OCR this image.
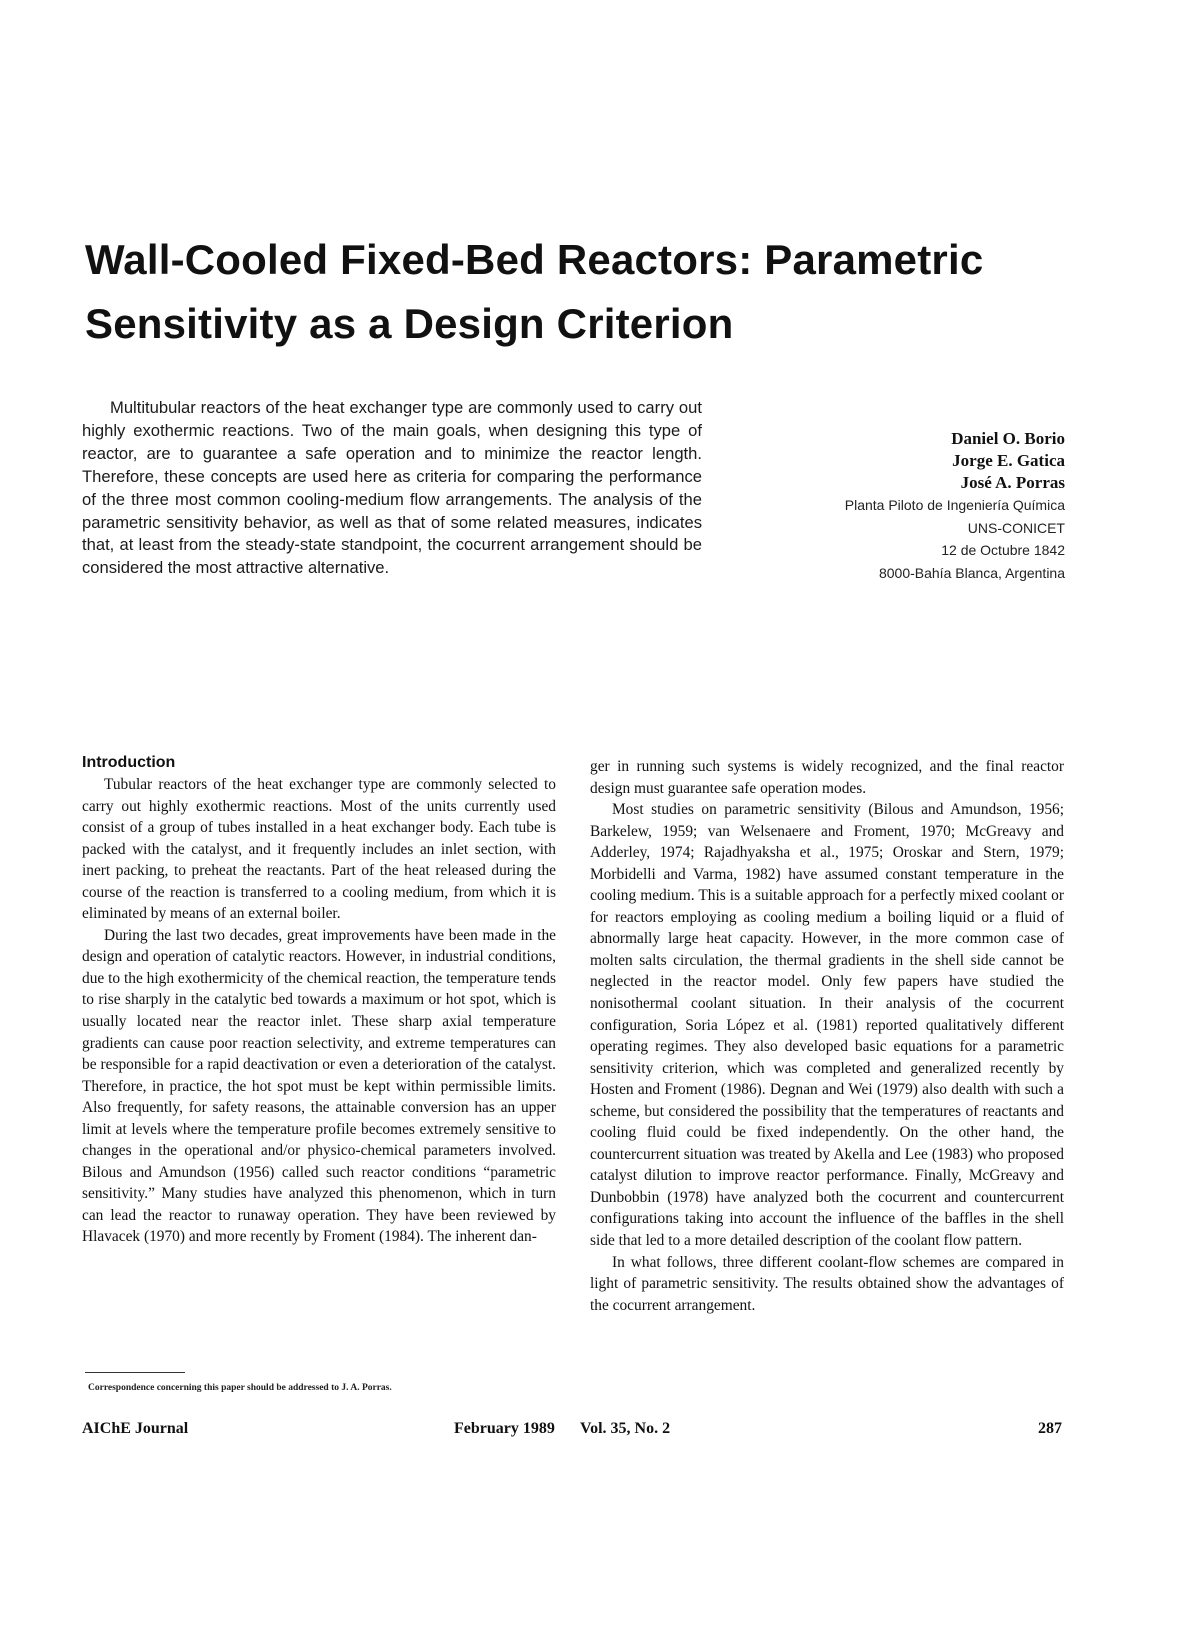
Wall-Cooled Fixed-Bed Reactors: Parametric
Sensitivity as a Design Criterion

Multitubular reactors of the heat exchanger type are commonly used to carry out highly exothermic reactions. Two of the main goals, when designing this type of reactor, are to guarantee a safe operation and to minimize the reactor length. Therefore, these concepts are used here as criteria for comparing the performance of the three most common cooling-medium flow arrangements. The analysis of the parametric sensitivity behavior, as well as that of some related measures, indicates that, at least from the steady-state standpoint, the cocurrent arrangement should be considered the most attractive alternative.

Daniel O. Borio
Jorge E. Gatica
José A. Porras
Planta Piloto de Ingeniería Química
UNS-CONICET
12 de Octubre 1842
8000-Bahía Blanca, Argentina
Introduction

Tubular reactors of the heat exchanger type are commonly selected to carry out highly exothermic reactions. Most of the units currently used consist of a group of tubes installed in a heat exchanger body. Each tube is packed with the catalyst, and it frequently includes an inlet section, with inert packing, to preheat the reactants. Part of the heat released during the course of the reaction is transferred to a cooling medium, from which it is eliminated by means of an external boiler.

During the last two decades, great improvements have been made in the design and operation of catalytic reactors. However, in industrial conditions, due to the high exothermicity of the chemical reaction, the temperature tends to rise sharply in the catalytic bed towards a maximum or hot spot, which is usually located near the reactor inlet. These sharp axial temperature gradients can cause poor reaction selectivity, and extreme temperatures can be responsible for a rapid deactivation or even a deterioration of the catalyst. Therefore, in practice, the hot spot must be kept within permissible limits. Also frequently, for safety reasons, the attainable conversion has an upper limit at levels where the temperature profile becomes extremely sensitive to changes in the operational and/or physico-chemical parameters involved. Bilous and Amundson (1956) called such reactor conditions “parametric sensitivity.” Many studies have analyzed this phenomenon, which in turn can lead the reactor to runaway operation. They have been reviewed by Hlavacek (1970) and more recently by Froment (1984). The inherent dan-

ger in running such systems is widely recognized, and the final reactor design must guarantee safe operation modes.

Most studies on parametric sensitivity (Bilous and Amundson, 1956; Barkelew, 1959; van Welsenaere and Froment, 1970; McGreavy and Adderley, 1974; Rajadhyaksha et al., 1975; Oroskar and Stern, 1979; Morbidelli and Varma, 1982) have assumed constant temperature in the cooling medium. This is a suitable approach for a perfectly mixed coolant or for reactors employing as cooling medium a boiling liquid or a fluid of abnormally large heat capacity. However, in the more common case of molten salts circulation, the thermal gradients in the shell side cannot be neglected in the reactor model. Only few papers have studied the nonisothermal coolant situation. In their analysis of the cocurrent configuration, Soria López et al. (1981) reported qualitatively different operating regimes. They also developed basic equations for a parametric sensitivity criterion, which was completed and generalized recently by Hosten and Froment (1986). Degnan and Wei (1979) also dealth with such a scheme, but considered the possibility that the temperatures of reactants and cooling fluid could be fixed independently. On the other hand, the countercurrent situation was treated by Akella and Lee (1983) who proposed catalyst dilution to improve reactor performance. Finally, McGreavy and Dunbobbin (1978) have analyzed both the cocurrent and countercurrent configurations taking into account the influence of the baffles in the shell side that led to a more detailed description of the coolant flow pattern.

In what follows, three different coolant-flow schemes are compared in light of parametric sensitivity. The results obtained show the advantages of the cocurrent arrangement.

Correspondence concerning this paper should be addressed to J. A. Porras.
AIChE Journal	February 1989 Vol. 35, No. 2	287
